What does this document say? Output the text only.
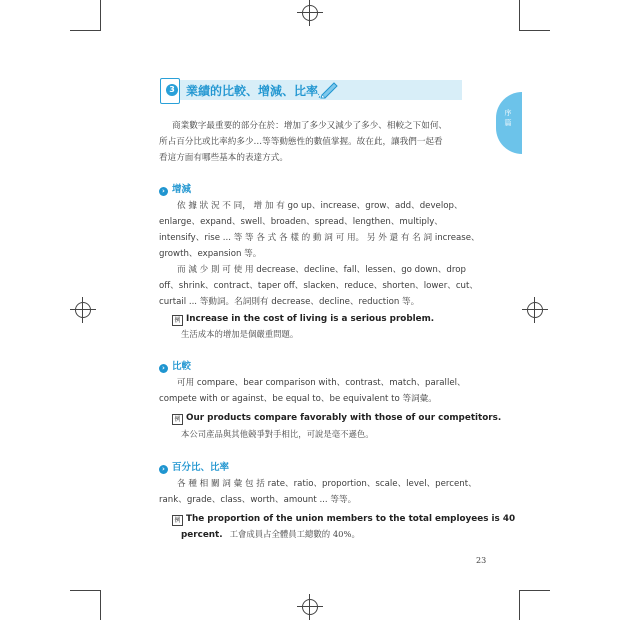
3 業績的比較、增減、比率
序篇
商業數字最重要的部分在於：增加了多少又減少了多少、相較之下如何、
所占百分比或比率約多少…等等動態性的數值掌握。故在此，讓我們一起看
看這方面有哪些基本的表達方式。
› 增減
依 據 狀 況 不 同， 增 加 有 go up、increase、grow、add、develop、
enlarge、expand、swell、broaden、spread、lengthen、multiply、
intensify、rise ... 等 等 各 式 各 樣 的 動 詞 可 用。 另 外 還 有 名 詞 increase、
growth、expansion 等。
而 減 少 則 可 使 用 decrease、decline、fall、lessen、go down、drop
off、shrink、contract、taper off、slacken、reduce、shorten、lower、cut、
curtail ... 等動詞。名詞則有 decrease、decline、reduction 等。
例 Increase in the cost of living is a serious problem.
生活成本的增加是個嚴重問題。
› 比較
可用 compare、bear comparison with、contrast、match、parallel、
compete with or against、be equal to、be equivalent to 等詞彙。
例 Our products compare favorably with those of our competitors.
本公司產品與其他競爭對手相比，可說是毫不遜色。
› 百分比、比率
各 種 相 關 詞 彙 包 括 rate、ratio、proportion、scale、level、percent、
rank、grade、class、worth、amount ... 等等。
例 The proportion of the union members to the total employees is 40
percent. 工會成員占全體員工總數的 40%。
23
